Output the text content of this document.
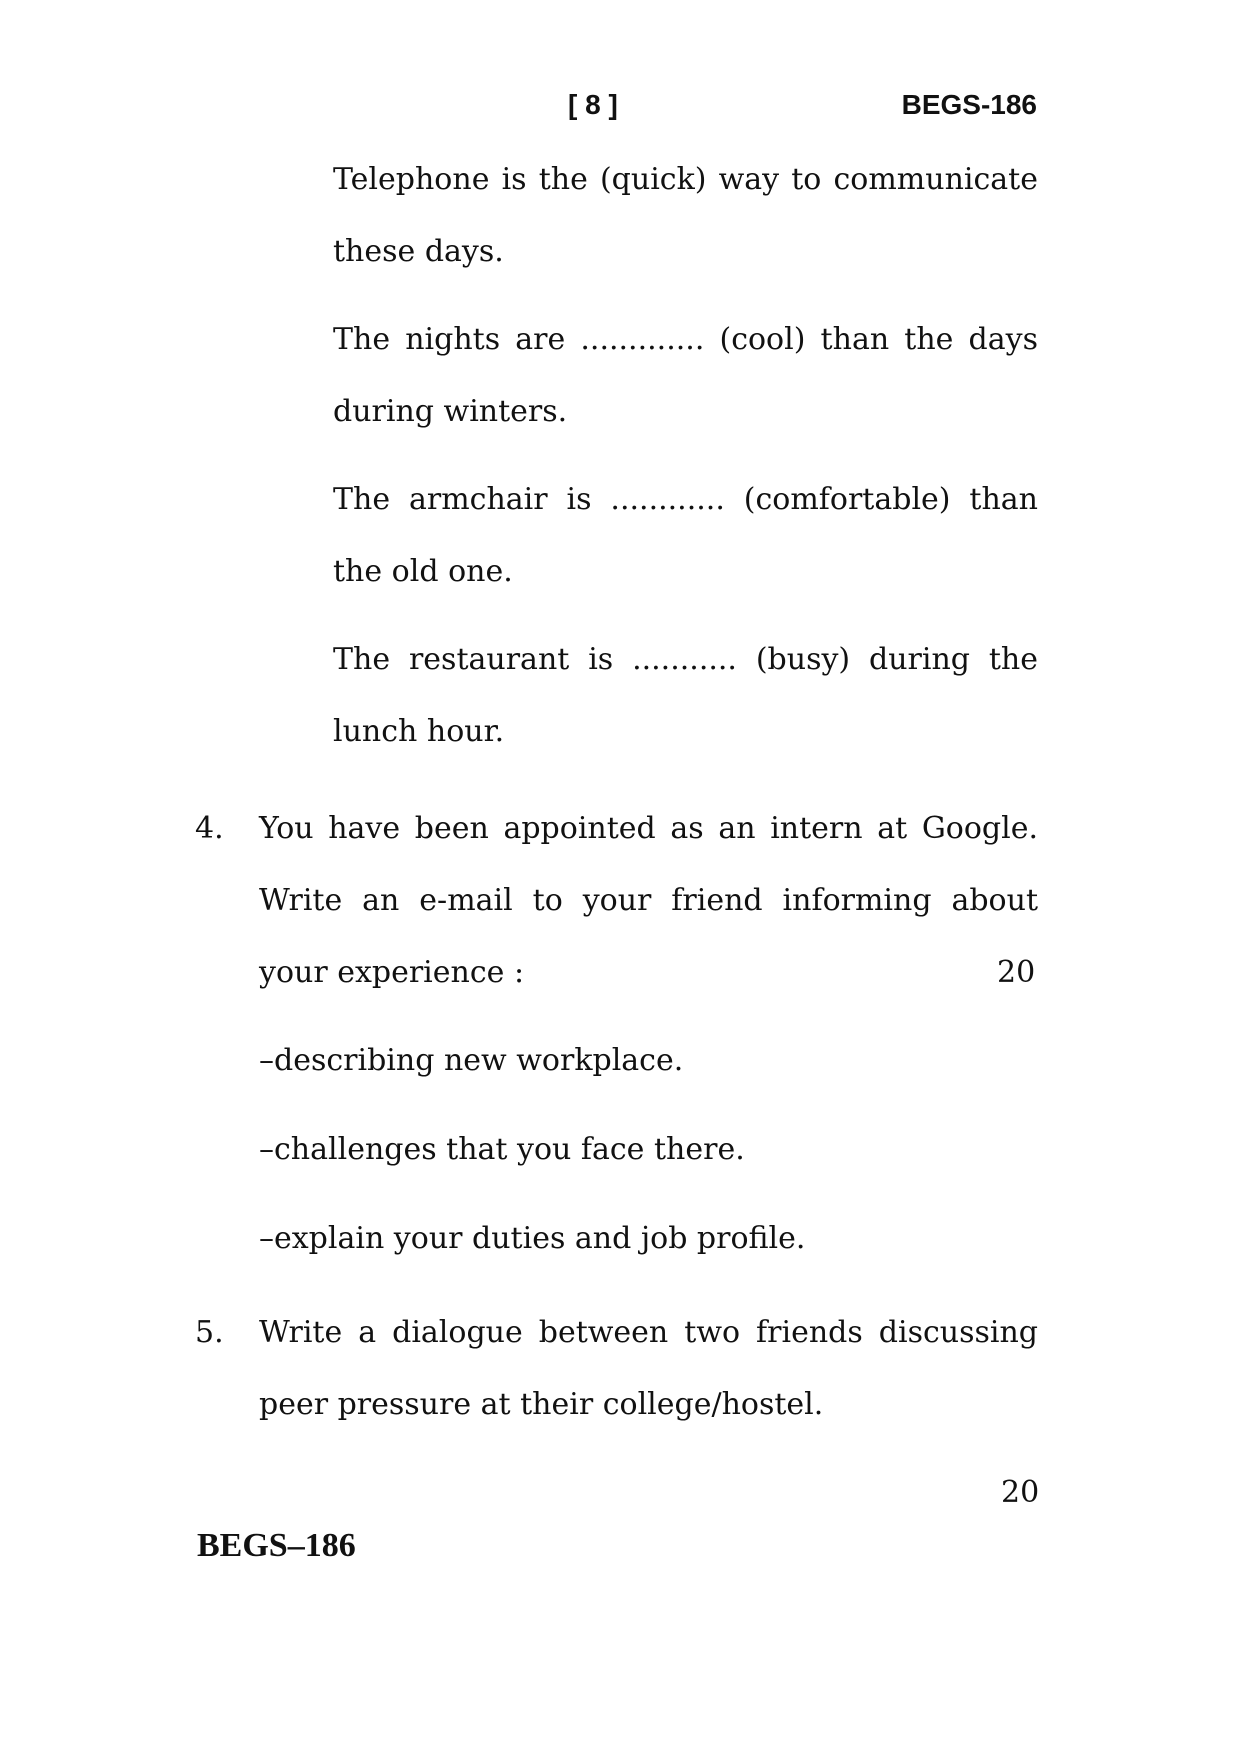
[ 8 ]	BEGS-186

Telephone is the (quick) way to communicate these days.

The nights are ............. (cool) than the days during winters.

The armchair is ............ (comfortable) than the old one.

The restaurant is ........... (busy) during the lunch hour.

4. You have been appointed as an intern at Google. Write an e-mail to your friend informing about your experience :	20

–describing new workplace.

–challenges that you face there.

–explain your duties and job profile.

5. Write a dialogue between two friends discussing peer pressure at their college/hostel.

20
BEGS–186
